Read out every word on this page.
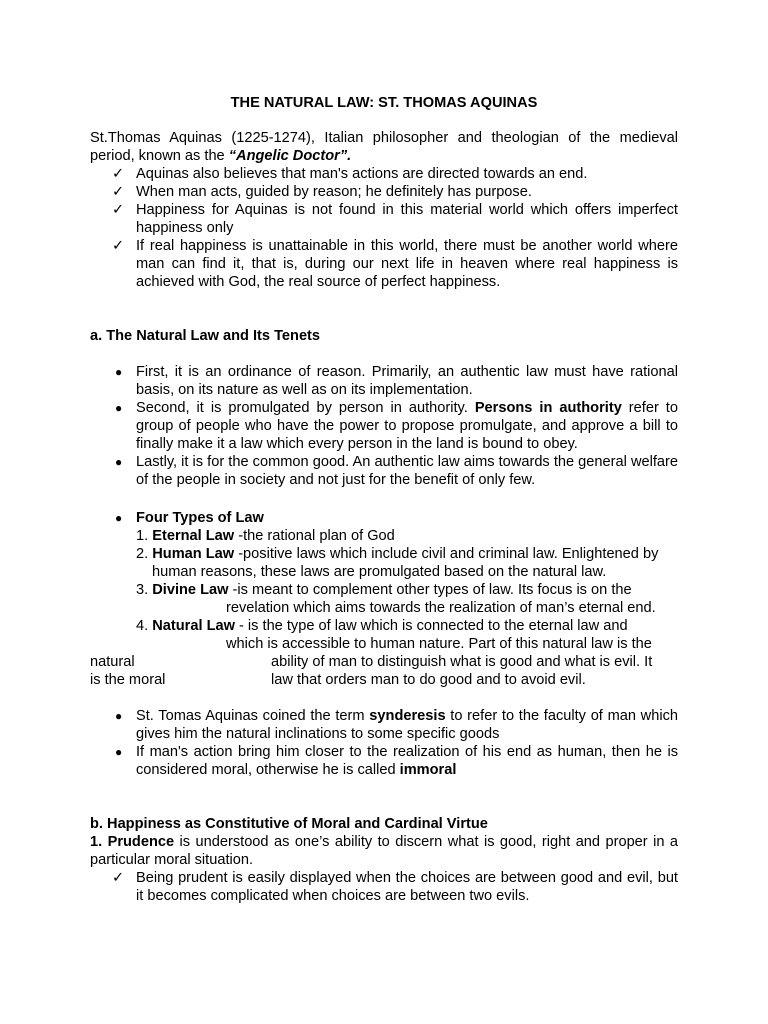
THE NATURAL LAW: ST. THOMAS AQUINAS
St.Thomas Aquinas (1225-1274), Italian philosopher and theologian of the medieval period, known as the “Angelic Doctor”.
✓ Aquinas also believes that man's actions are directed towards an end.
✓ When man acts, guided by reason; he definitely has purpose.
✓ Happiness for Aquinas is not found in this material world which offers imperfect happiness only
✓ If real happiness is unattainable in this world, there must be another world where man can find it, that is, during our next life in heaven where real happiness is achieved with God, the real source of perfect happiness.
a. The Natural Law and Its Tenets
● First, it is an ordinance of reason. Primarily, an authentic law must have rational basis, on its nature as well as on its implementation.
● Second, it is promulgated by person in authority. Persons in authority refer to group of people who have the power to propose promulgate, and approve a bill to finally make it a law which every person in the land is bound to obey.
● Lastly, it is for the common good. An authentic law aims towards the general welfare of the people in society and not just for the benefit of only few.
● Four Types of Law
1. Eternal Law -the rational plan of God
2. Human Law -positive laws which include civil and criminal law. Enlightened by
human reasons, these laws are promulgated based on the natural law.
3. Divine Law -is meant to complement other types of law. Its focus is on the
revelation which aims towards the realization of man’s eternal end.
4. Natural Law - is the type of law which is connected to the eternal law and
which is accessible to human nature. Part of this natural law is the
natural	ability of man to distinguish what is good and what is evil. It
is the moral	law that orders man to do good and to avoid evil.
● St. Tomas Aquinas coined the term synderesis to refer to the faculty of man which gives him the natural inclinations to some specific goods
● If man's action bring him closer to the realization of his end as human, then he is considered moral, otherwise he is called immoral
b. Happiness as Constitutive of Moral and Cardinal Virtue
1. Prudence is understood as one’s ability to discern what is good, right and proper in a particular moral situation.
✓ Being prudent is easily displayed when the choices are between good and evil, but it becomes complicated when choices are between two evils.
